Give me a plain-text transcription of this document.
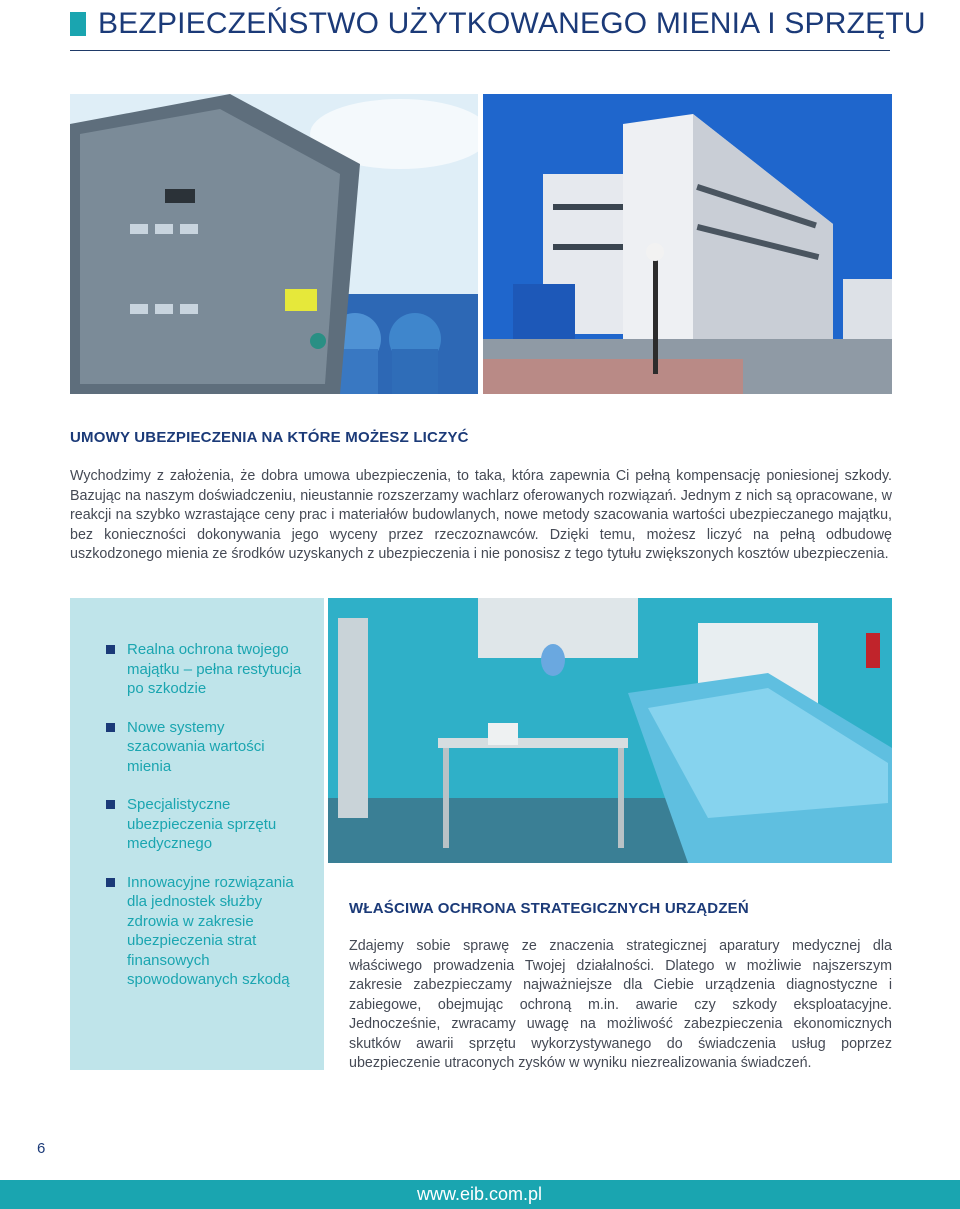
BEZPIECZEŃSTWO UŻYTKOWANEGO MIENIA I SPRZĘTU
UMOWY UBEZPIECZENIA NA KTÓRE MOŻESZ LICZYĆ

Wychodzimy z założenia, że dobra umowa ubezpieczenia, to taka, która zapewnia Ci pełną kompensację poniesionej szkody. Bazując na naszym doświadczeniu, nieustannie rozszerzamy wachlarz oferowanych rozwiązań. Jednym z nich są opracowane, w reakcji na szybko wzrastające ceny prac i materiałów budowlanych, nowe metody szacowania wartości ubezpieczanego majątku, bez konieczności dokonywania jego wyceny przez rzeczoznawców. Dzięki temu, możesz liczyć na pełną odbudowę uszkodzonego mienia ze środków uzyskanych z ubezpieczenia i nie ponosisz z tego tytułu zwiększonych kosztów ubezpieczenia.

Realna ochrona twojego majątku – pełna restytucja po szkodzie
Nowe systemy szacowania wartości mienia
Specjalistyczne ubezpieczenia sprzętu medycznego
Innowacyjne rozwiązania dla jednostek służby zdrowia w zakresie ubezpieczenia strat finansowych spowodowanych szkodą
WŁAŚCIWA OCHRONA STRATEGICZNYCH URZĄDZEŃ

Zdajemy sobie sprawę ze znaczenia strategicznej aparatury medycznej dla właściwego prowadzenia Twojej działalności. Dlatego w możliwie najszerszym zakresie zabezpieczamy najważniejsze dla Ciebie urządzenia diagnostyczne i zabiegowe, obejmując ochroną m.in. awarie czy szkody eksploatacyjne. Jednocześnie, zwracamy uwagę na możliwość zabezpieczenia ekonomicznych skutków awarii sprzętu wykorzystywanego do świadczenia usług poprzez ubezpieczenie utraconych zysków w wyniku niezrealizowania świadczeń.

6
www.eib.com.pl
